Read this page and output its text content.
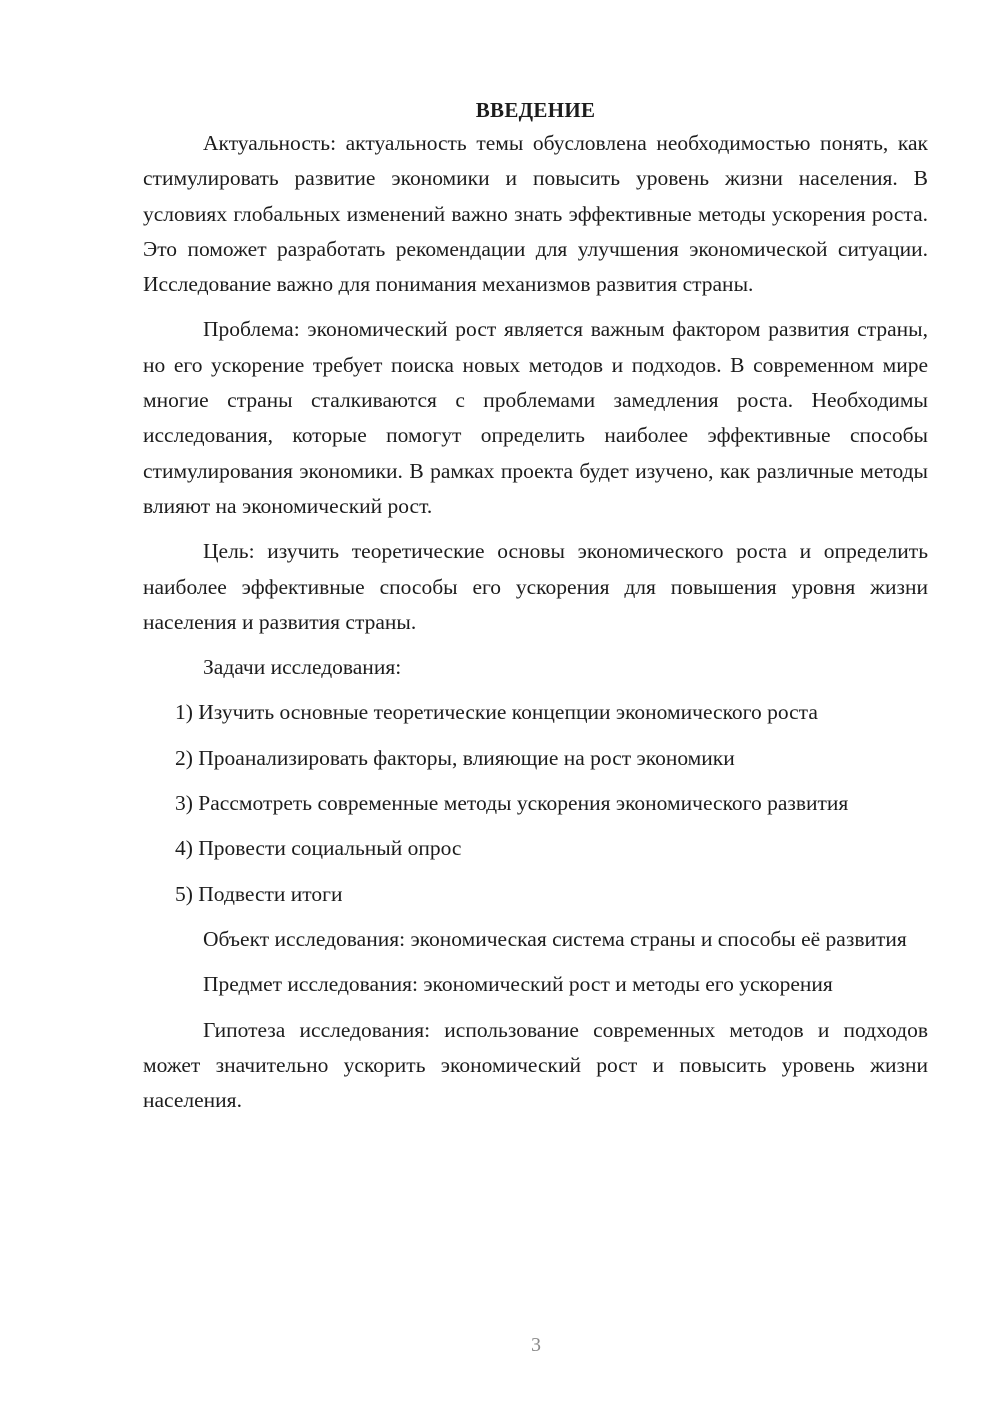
ВВЕДЕНИЕ

Актуальность: актуальность темы обусловлена необходимостью понять, как стимулировать развитие экономики и повысить уровень жизни населения. В условиях глобальных изменений важно знать эффективные методы ускорения роста. Это поможет разработать рекомендации для улучшения экономической ситуации. Исследование важно для понимания механизмов развития страны.

Проблема: экономический рост является важным фактором развития страны, но его ускорение требует поиска новых методов и подходов. В современном мире многие страны сталкиваются с проблемами замедления роста. Необходимы исследования, которые помогут определить наиболее эффективные способы стимулирования экономики. В рамках проекта будет изучено, как различные методы влияют на экономический рост.

Цель: изучить теоретические основы экономического роста и определить наиболее эффективные способы его ускорения для повышения уровня жизни населения и развития страны.

Задачи исследования:

1) Изучить основные теоретические концепции экономического роста

2) Проанализировать факторы, влияющие на рост экономики

3) Рассмотреть современные методы ускорения экономического развития

4) Провести социальный опрос

5) Подвести итоги

Объект исследования: экономическая система страны и способы её развития

Предмет исследования: экономический рост и методы его ускорения

Гипотеза исследования: использование современных методов и подходов может значительно ускорить экономический рост и повысить уровень жизни населения.

3
